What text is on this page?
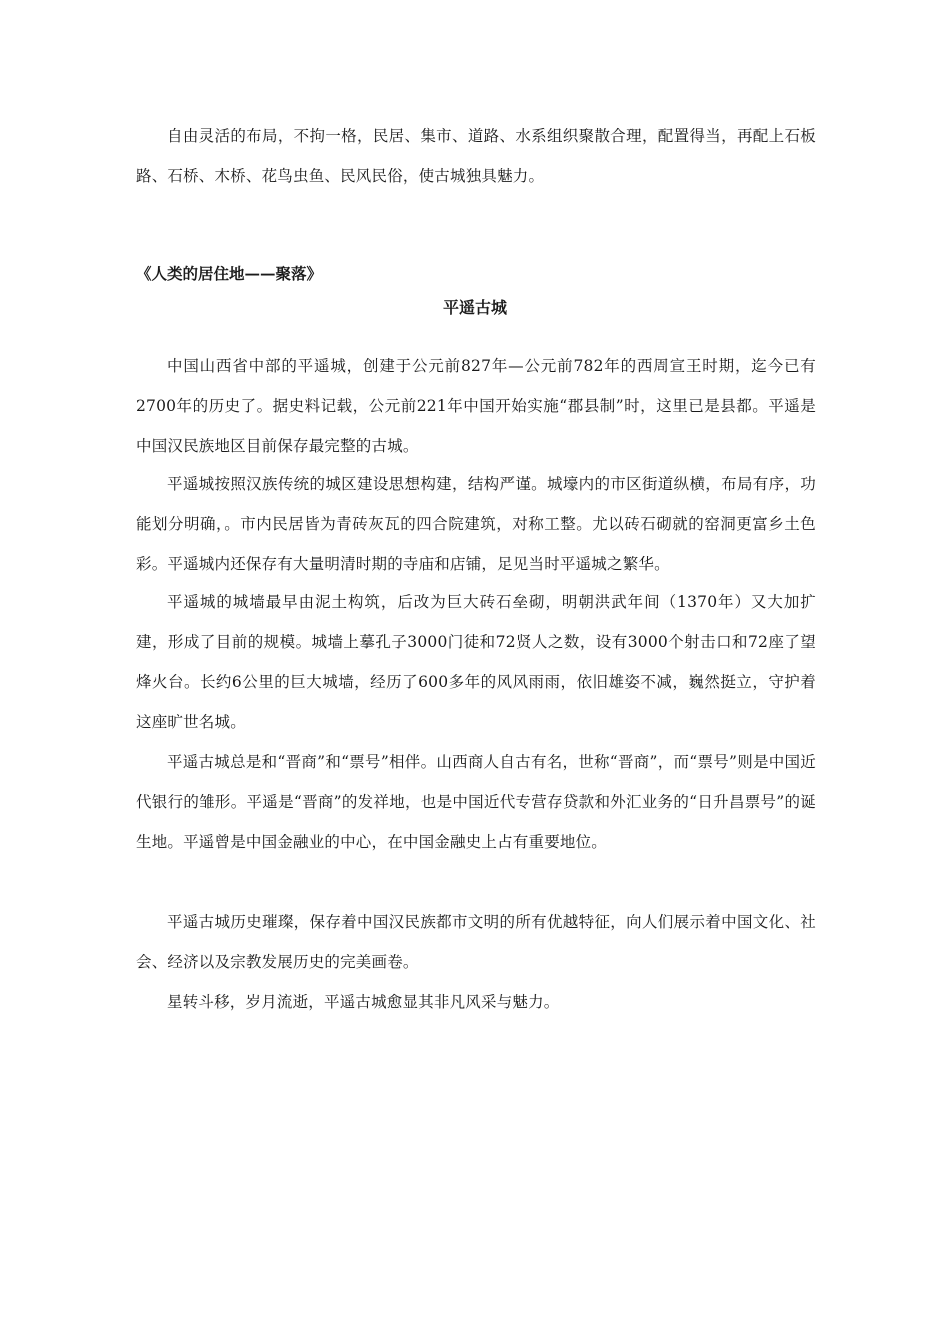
自由灵活的布局，不拘一格，民居、集市、道路、水系组织聚散合理，配置得当，再配上石板路、石桥、木桥、花鸟虫鱼、民风民俗，使古城独具魅力。

《人类的居住地——聚落》

平遥古城

中国山西省中部的平遥城，创建于公元前827年—公元前782年的西周宣王时期，迄今已有2700年的历史了。据史料记载，公元前221年中国开始实施“郡县制”时，这里已是县都。平遥是中国汉民族地区目前保存最完整的古城。

平遥城按照汉族传统的城区建设思想构建，结构严谨。城壕内的市区街道纵横，布局有序，功能划分明确，。市内民居皆为青砖灰瓦的四合院建筑，对称工整。尤以砖石砌就的窑洞更富乡土色彩。平遥城内还保存有大量明清时期的寺庙和店铺，足见当时平遥城之繁华。

平遥城的城墙最早由泥土构筑，后改为巨大砖石垒砌，明朝洪武年间（1370年）又大加扩建，形成了目前的规模。城墙上摹孔子3000门徒和72贤人之数，设有3000个射击口和72座了望烽火台。长约6公里的巨大城墙，经历了600多年的风风雨雨，依旧雄姿不减，巍然挺立，守护着这座旷世名城。

平遥古城总是和“晋商”和“票号”相伴。山西商人自古有名，世称“晋商”，而“票号”则是中国近代银行的雏形。平遥是“晋商”的发祥地，也是中国近代专营存贷款和外汇业务的“日升昌票号”的诞生地。平遥曾是中国金融业的中心，在中国金融史上占有重要地位。

平遥古城历史璀璨，保存着中国汉民族都市文明的所有优越特征，向人们展示着中国文化、社会、经济以及宗教发展历史的完美画卷。

星转斗移，岁月流逝，平遥古城愈显其非凡风采与魅力。
